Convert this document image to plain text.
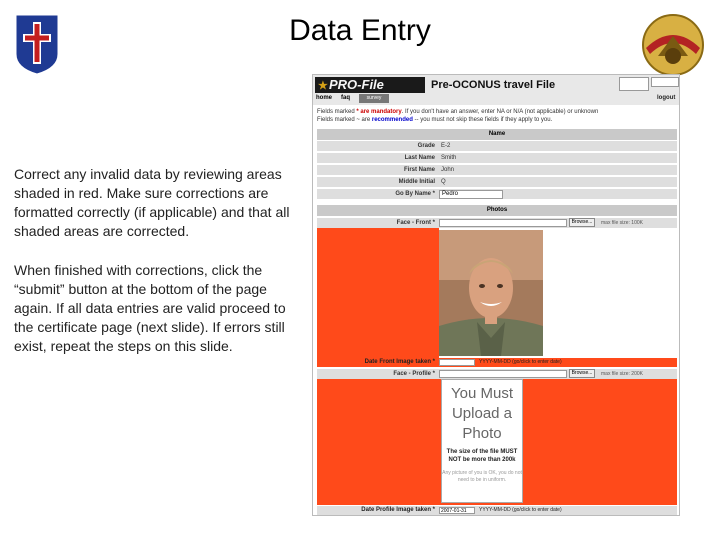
Data Entry

Correct any invalid data by reviewing areas shaded in red. Make sure corrections are formatted correctly (if applicable) and that all shaded areas are corrected.

When finished with corrections, click the “submit” button at the bottom of the page again. If all data entries are valid proceed to the certificate page (next slide). If errors still exist, repeat the steps on this slide.

★ PRO-File	Pre-OCONUS travel File
logout
home faq	survey
Fields marked * are mandatory. If you don't have an answer, enter NA or N/A (not applicable) or unknown
Fields marked ~ are recommended -- you must not skip these fields if they apply to you.
Name
Grade E-2
Last Name Smith
First Name John
Middle Initial Q
Go By Name *	Pedro
Photos
Face - Front *	Browse...	max file size: 100K
Date Front Image taken *	YYYY-MM-DD (go/click to enter date)
Face - Profile *	Browse...	max file size: 200K
You Must Upload a Photo
The size of the file MUST NOT be more than 200k
Any picture of you is OK, you do not need to be in uniform.
Date Profile Image taken *	2007-01-31	YYYY-MM-DD (go/click to enter date)
